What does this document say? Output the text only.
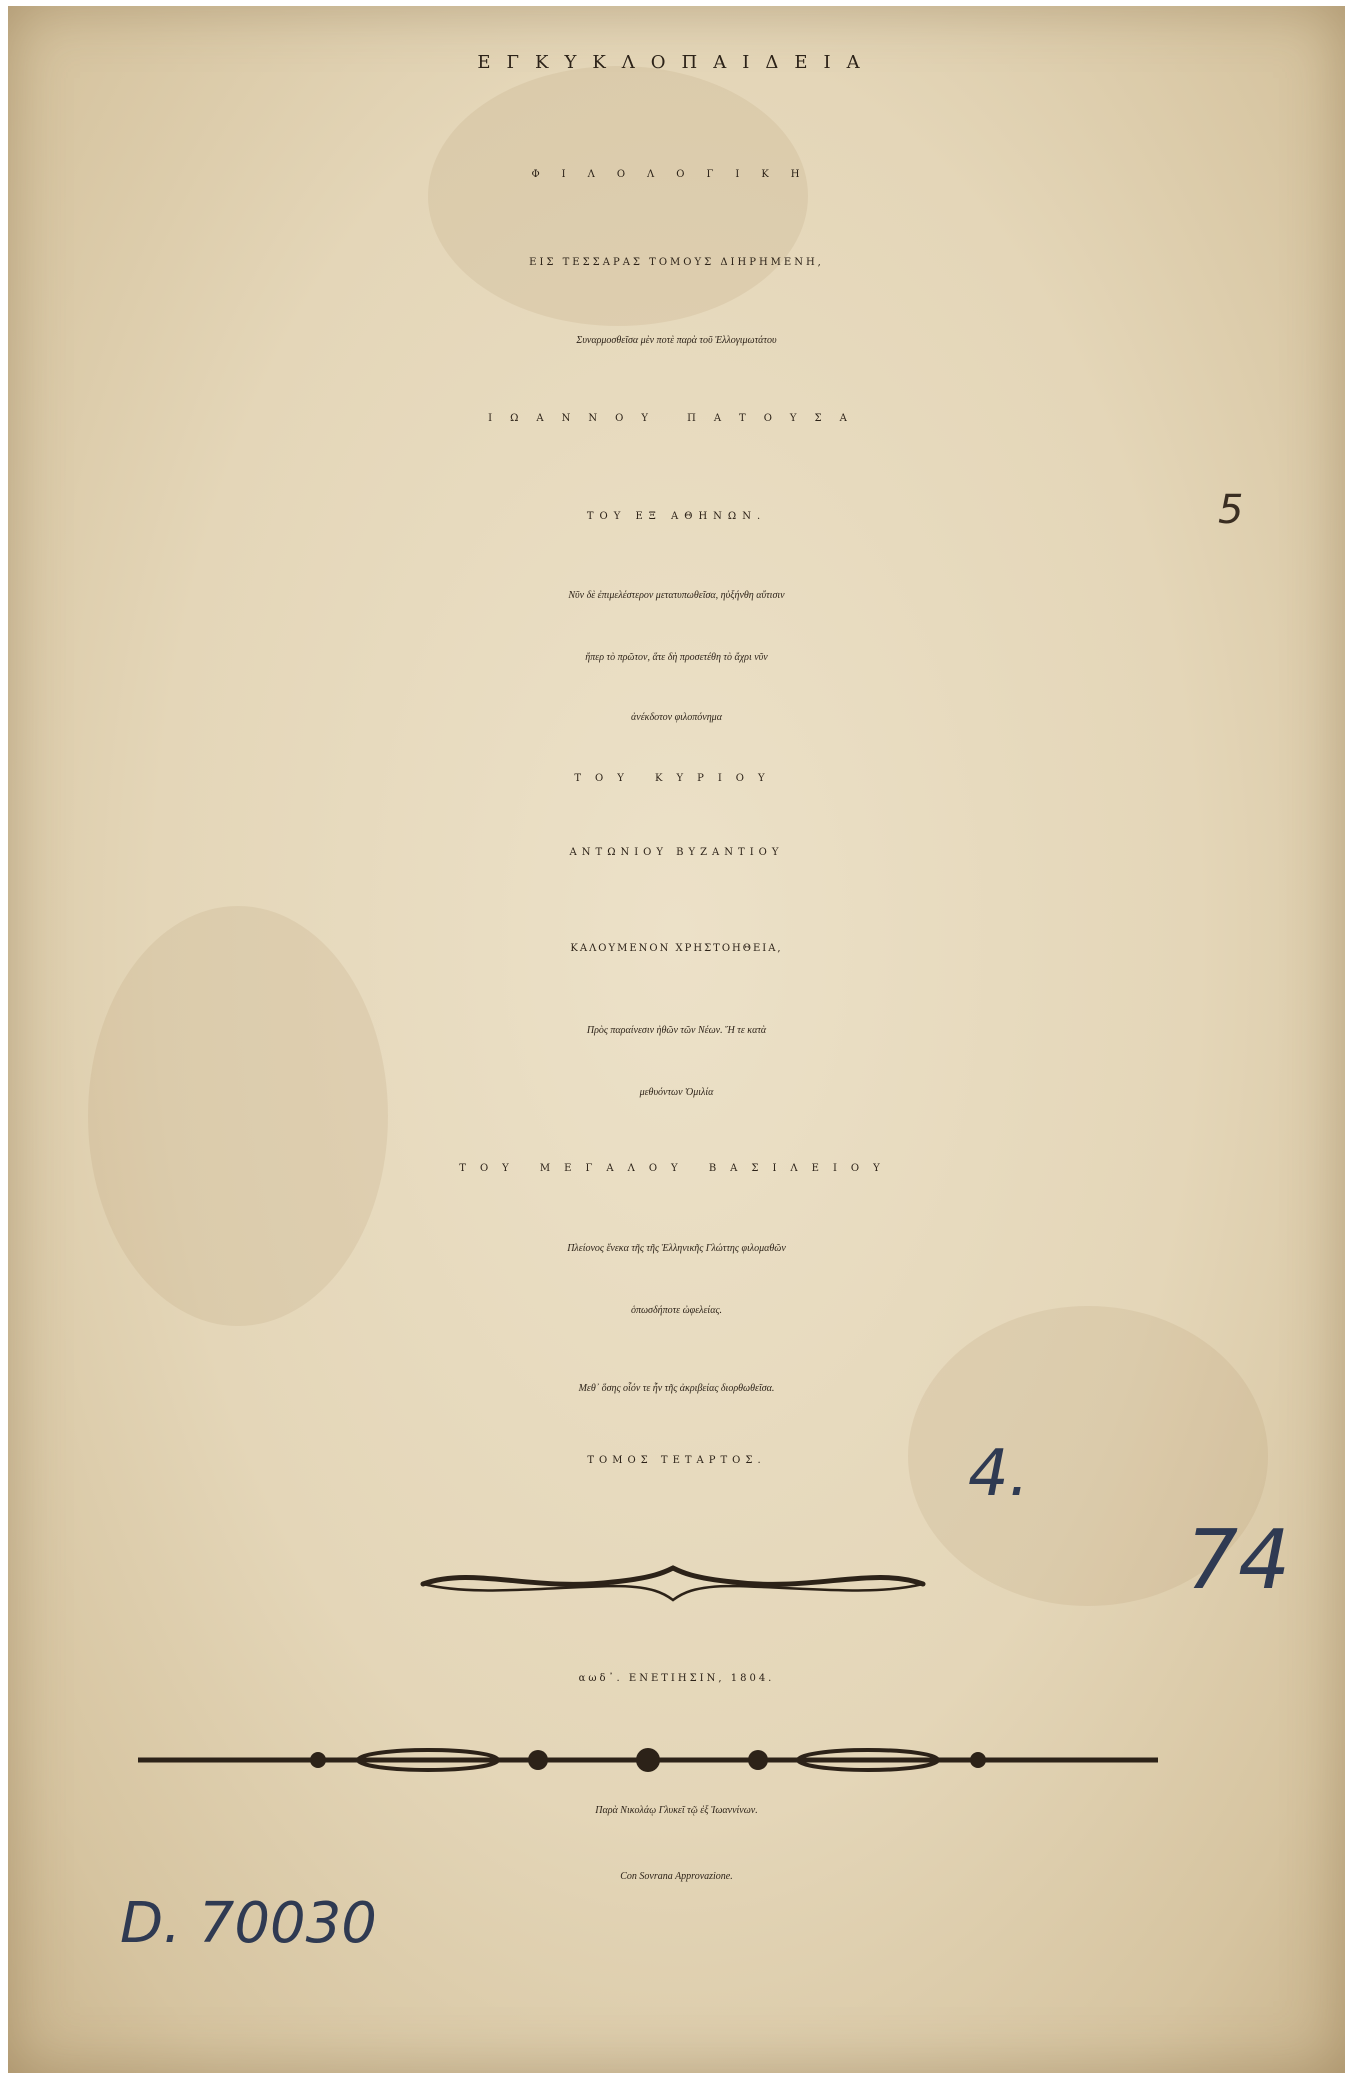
ΕΓΚΥΚΛΟΠΑΙΔΕΙΑ

ΦΙΛΟΛΟΓΙΚΗ

ΕΙΣ ΤΕΣΣΑΡΑΣ ΤΟΜΟΥΣ ΔΙΗΡΗΜΕΝΗ,

Συναρμοσθεῖσα μὲν ποτὲ παρὰ τοῦ Ἐλλογιμωτάτου

ΙΩΑΝΝΟΥ ΠΑΤΟΥΣΑ

ΤΟΥ ΕΞ ΑΘΗΝΩΝ.

Νῦν δὲ ἐπιμελέστερον μετατυπωθεῖσα, ηὐξήνθη αὔτισιν

ἤπερ τὸ πρῶτον, ἅτε δὴ προσετέθη τὸ ἄχρι νῦν

ἀνέκδοτον φιλοπόνημα

ΤΟΥ ΚΥΡΙΟΥ

ΑΝΤΩΝΙΟΥ ΒΥΖΑΝΤΙΟΥ

ΚΑΛΟΥΜΕΝΟΝ ΧΡΗΣΤΟΗΘΕΙΑ,

Πρὸς παραίνεσιν ἠθῶν τῶν Νέων. Ἥ τε κατὰ

μεθυόντων Ὁμιλία

ΤΟΥ ΜΕΓΑΛΟΥ ΒΑΣΙΛΕΙΟΥ

Πλείονος ἕνεκα τῆς τῆς Ἑλληνικῆς Γλώττης φιλομαθῶν

ὁπωσδήποτε ὠφελείας.

Μεθ᾽ ὅσης οἷόν τε ἦν τῆς ἀκριβείας διορθωθεῖσα.

ΤΟΜΟΣ ΤΕΤΑΡΤΟΣ.

αωδ᾽. ΕΝΕΤΙΗΣΙΝ, 1804.

Παρὰ Νικολάῳ Γλυκεῖ τῷ ἐξ Ἰωαννίνων.

Con Sovrana Approvazione.

5

4.

74

D. 70030
